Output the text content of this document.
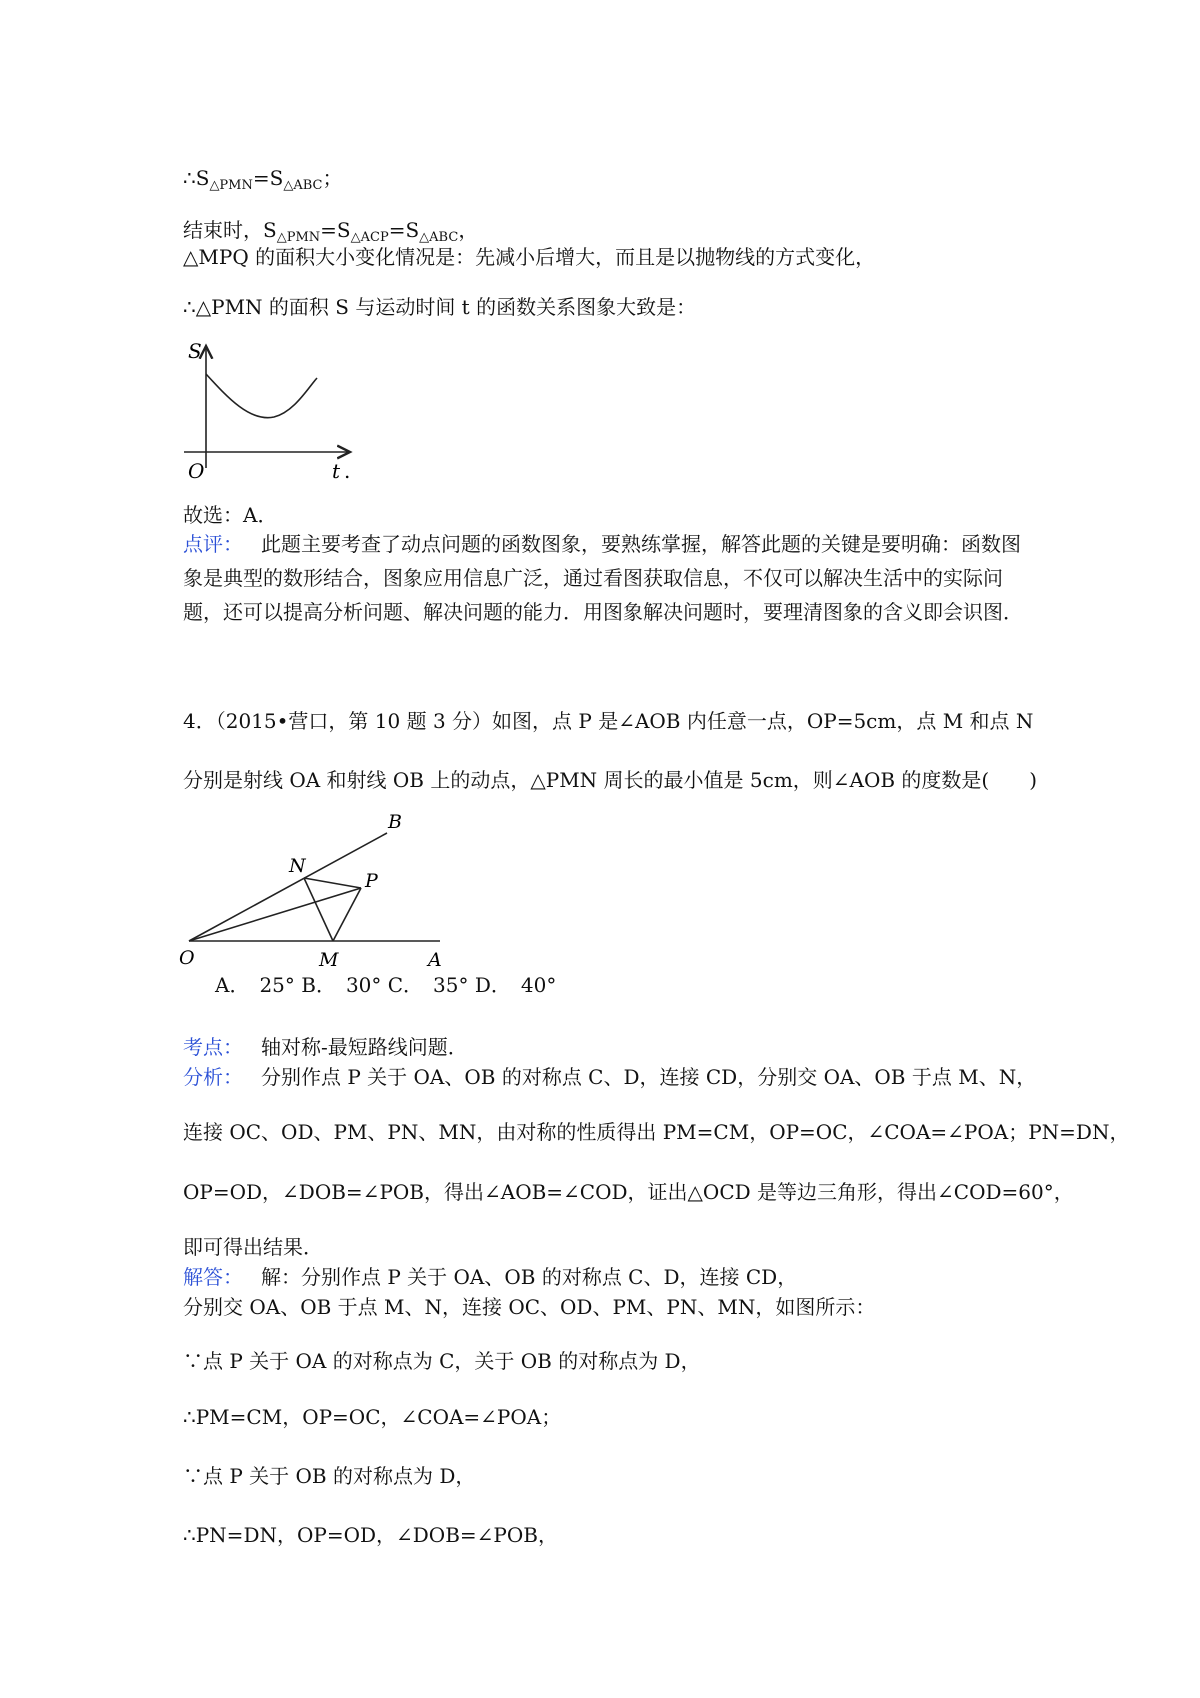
$\therefore S_{\triangle PMN}=S_{\triangle ABC}$；
结束时，$S_{\triangle PMN}=S_{\triangle ACP}=S_{\triangle ABC}$，
△MPQ 的面积大小变化情况是：先减小后增大，而且是以抛物线的方式变化，
∴△PMN 的面积 S 与运动时间 t 的函数关系图象大致是：
S
O	t .
故选：A．
点评： 此题主要考查了动点问题的函数图象，要熟练掌握，解答此题的关键是要明确：函数图象是典型的数形结合，图象应用信息广泛，通过看图获取信息，不仅可以解决生活中的实际问题，还可以提高分析问题、解决问题的能力．用图象解决问题时，要理清图象的含义即会识图．
4．（2015•营口，第 10 题 3 分）如图，点 P 是∠AOB 内任意一点，OP=5cm，点 M 和点 N
分别是射线 OA 和射线 OB 上的动点，△PMN 周长的最小值是 5cm，则∠AOB 的度数是(　　)
B
N
P
O	M	A
A．　25° B．　30° C．　35° D．　40°
考点： 轴对称-最短路线问题．
分析： 分别作点 P 关于 OA、OB 的对称点 C、D，连接 CD，分别交 OA、OB 于点 M、N，
连接 OC、OD、PM、PN、MN，由对称的性质得出 PM=CM，OP=OC，∠COA=∠POA；PN=DN，
OP=OD，∠DOB=∠POB，得出∠AOB=∠COD，证出△OCD 是等边三角形，得出∠COD=60°，
即可得出结果．
解答： 解：分别作点 P 关于 OA、OB 的对称点 C、D，连接 CD，
分别交 OA、OB 于点 M、N，连接 OC、OD、PM、PN、MN，如图所示：
∵点 P 关于 OA 的对称点为 C，关于 OB 的对称点为 D，
∴PM=CM，OP=OC，∠COA=∠POA；
∵点 P 关于 OB 的对称点为 D，
∴PN=DN，OP=OD，∠DOB=∠POB，
